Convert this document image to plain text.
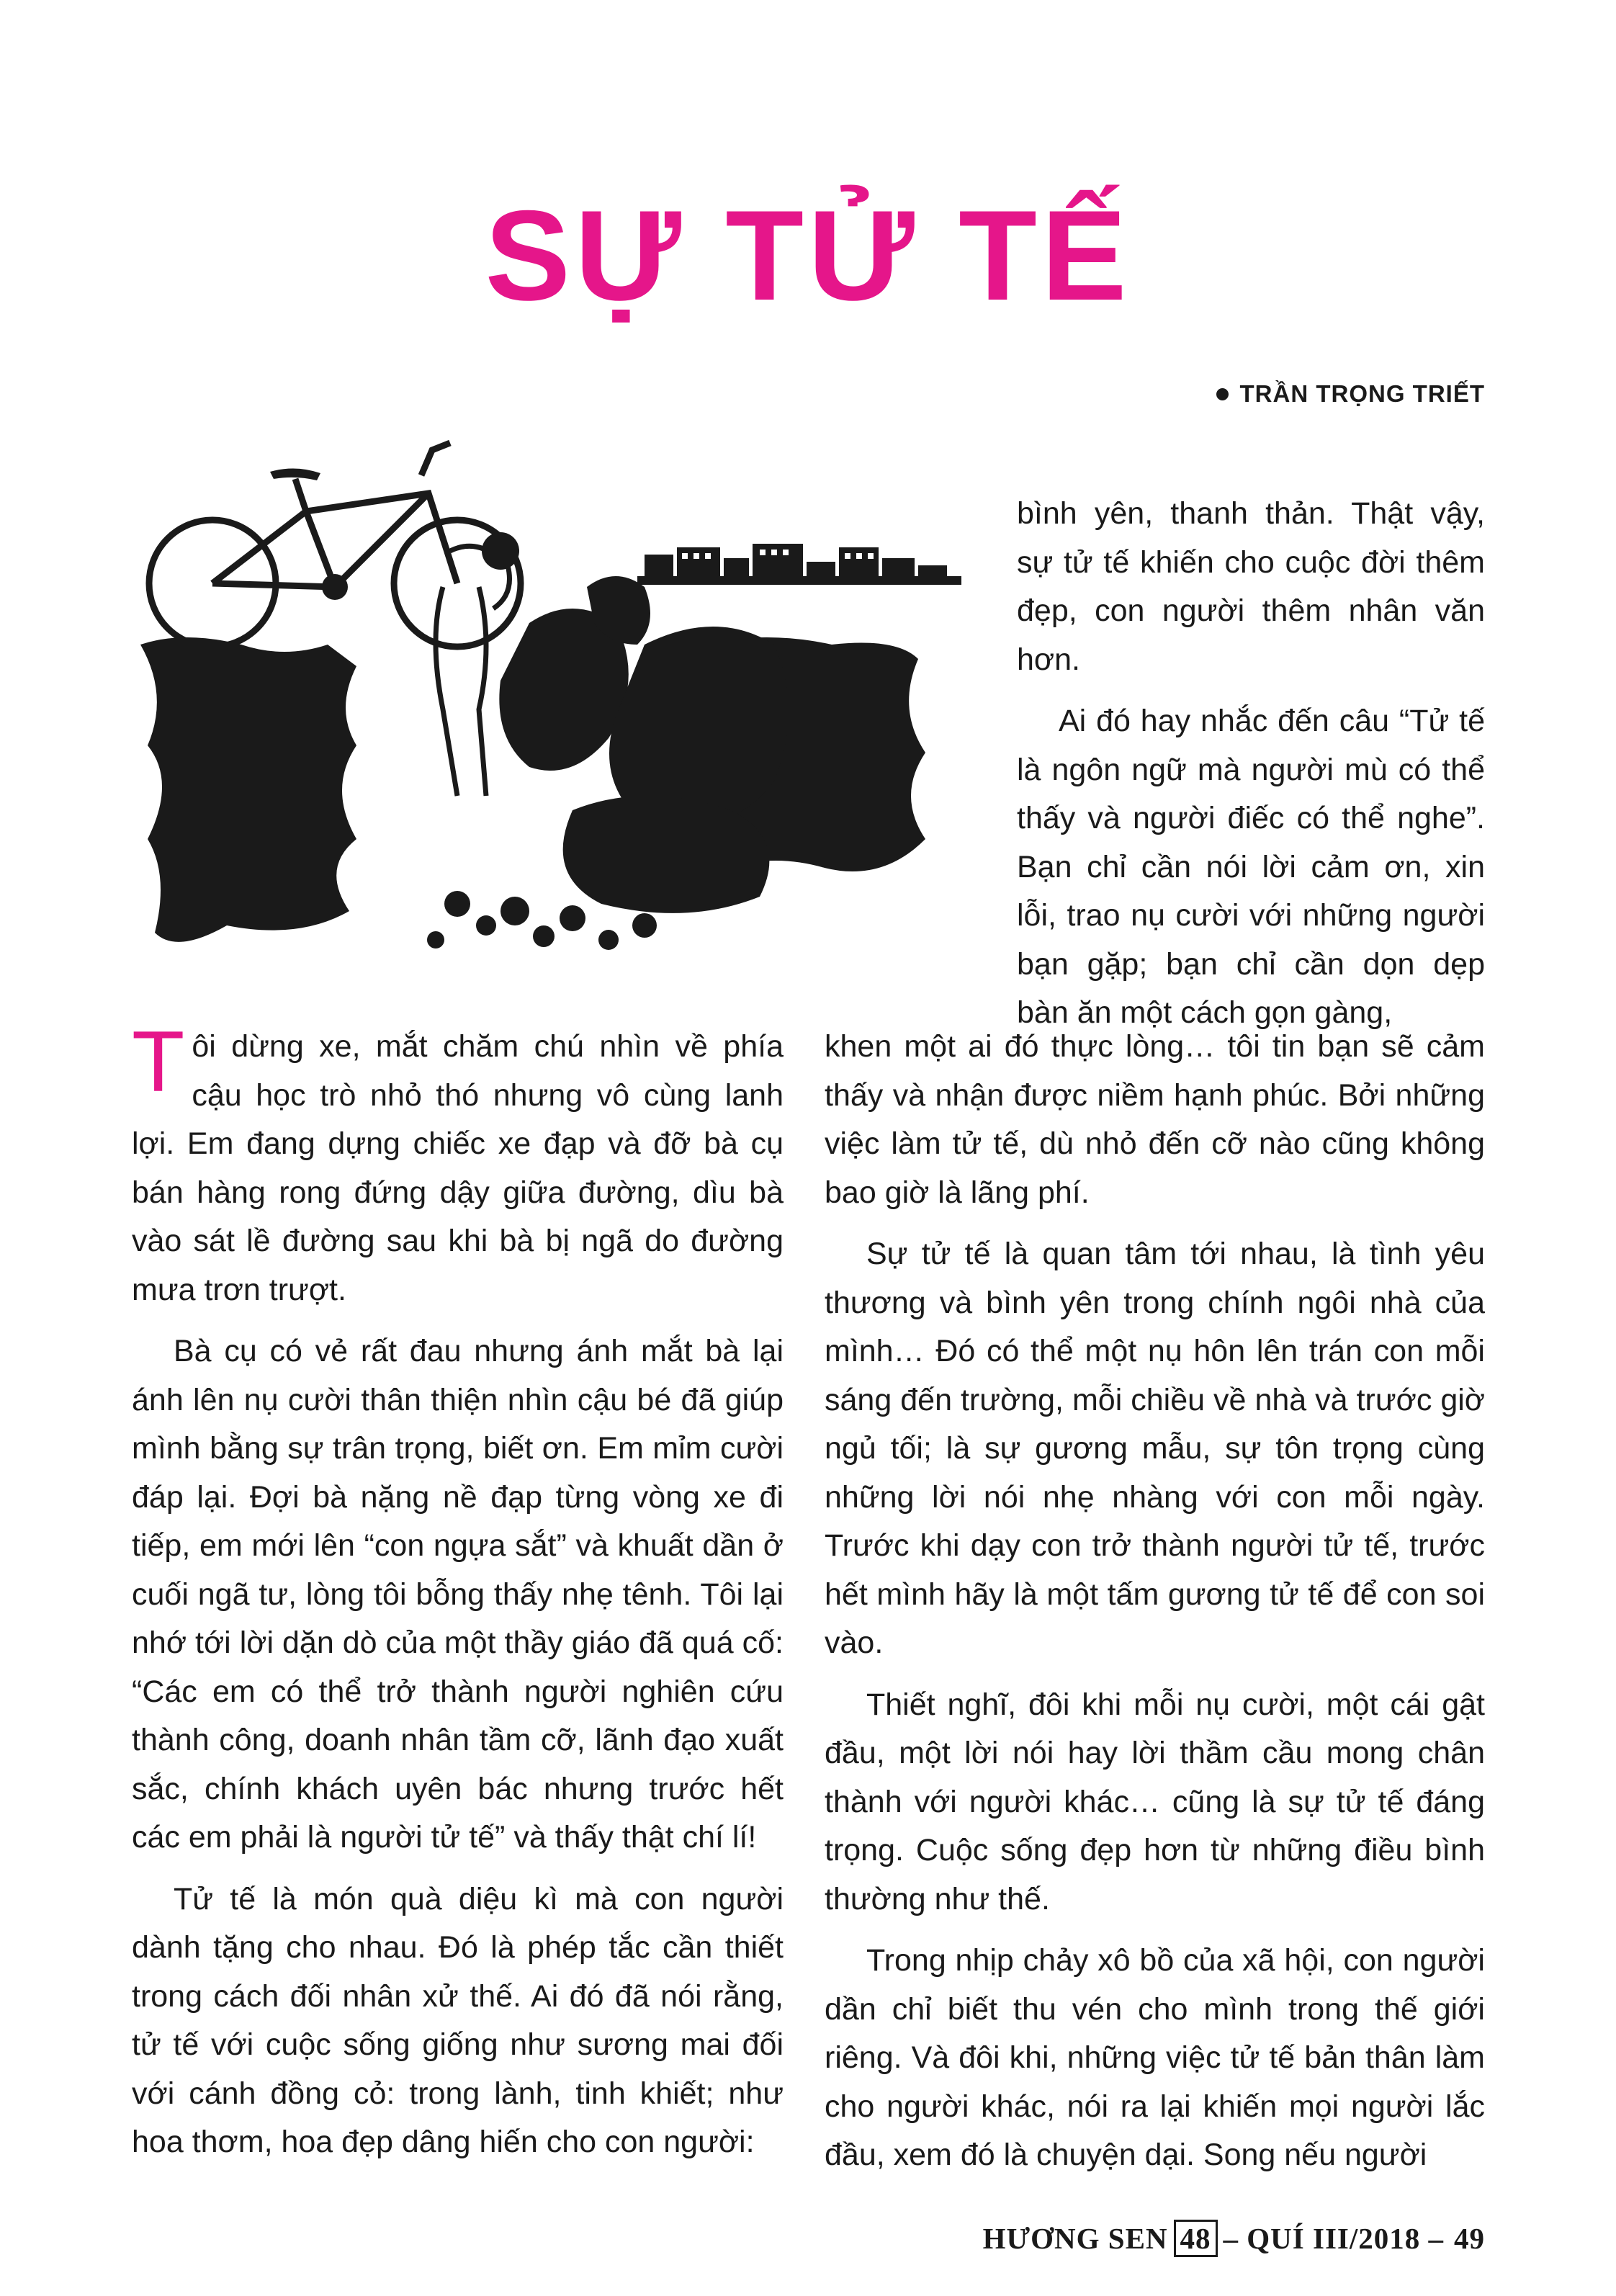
SỰ TỬ TẾ
TRẦN TRỌNG TRIẾT

bình yên, thanh thản. Thật vậy, sự tử tế khiến cho cuộc đời thêm đẹp, con người thêm nhân văn hơn.

Ai đó hay nhắc đến câu “Tử tế là ngôn ngữ mà người mù có thể thấy và người điếc có thể nghe”. Bạn chỉ cần nói lời cảm ơn, xin lỗi, trao nụ cười với những người bạn gặp; bạn chỉ cần dọn dẹp bàn ăn một cách gọn gàng,

Tôi dừng xe, mắt chăm chú nhìn về phía cậu học trò nhỏ thó nhưng vô cùng lanh lợi. Em đang dựng chiếc xe đạp và đỡ bà cụ bán hàng rong đứng dậy giữa đường, dìu bà vào sát lề đường sau khi bà bị ngã do đường mưa trơn trượt.

Bà cụ có vẻ rất đau nhưng ánh mắt bà lại ánh lên nụ cười thân thiện nhìn cậu bé đã giúp mình bằng sự trân trọng, biết ơn. Em mỉm cười đáp lại. Đợi bà nặng nề đạp từng vòng xe đi tiếp, em mới lên “con ngựa sắt” và khuất dần ở cuối ngã tư, lòng tôi bỗng thấy nhẹ tênh. Tôi lại nhớ tới lời dặn dò của một thầy giáo đã quá cố: “Các em có thể trở thành người nghiên cứu thành công, doanh nhân tầm cỡ, lãnh đạo xuất sắc, chính khách uyên bác nhưng trước hết các em phải là người tử tế” và thấy thật chí lí!

Tử tế là món quà diệu kì mà con người dành tặng cho nhau. Đó là phép tắc cần thiết trong cách đối nhân xử thế. Ai đó đã nói rằng, tử tế với cuộc sống giống như sương mai đối với cánh đồng cỏ: trong lành, tinh khiết; như hoa thơm, hoa đẹp dâng hiến cho con người:

khen một ai đó thực lòng… tôi tin bạn sẽ cảm thấy và nhận được niềm hạnh phúc. Bởi những việc làm tử tế, dù nhỏ đến cỡ nào cũng không bao giờ là lãng phí.

Sự tử tế là quan tâm tới nhau, là tình yêu thương và bình yên trong chính ngôi nhà của mình… Đó có thể một nụ hôn lên trán con mỗi sáng đến trường, mỗi chiều về nhà và trước giờ ngủ tối; là sự gương mẫu, sự tôn trọng cùng những lời nói nhẹ nhàng với con mỗi ngày. Trước khi dạy con trở thành người tử tế, trước hết mình hãy là một tấm gương tử tế để con soi vào.

Thiết nghĩ, đôi khi mỗi nụ cười, một cái gật đầu, một lời nói hay lời thầm cầu mong chân thành với người khác… cũng là sự tử tế đáng trọng. Cuộc sống đẹp hơn từ những điều bình thường như thế.

Trong nhịp chảy xô bồ của xã hội, con người dần chỉ biết thu vén cho mình trong thế giới riêng. Và đôi khi, những việc tử tế bản thân làm cho người khác, nói ra lại khiến mọi người lắc đầu, xem đó là chuyện dại. Song nếu người

HƯƠNG SEN 48 – QUÍ III/2018 – 49
